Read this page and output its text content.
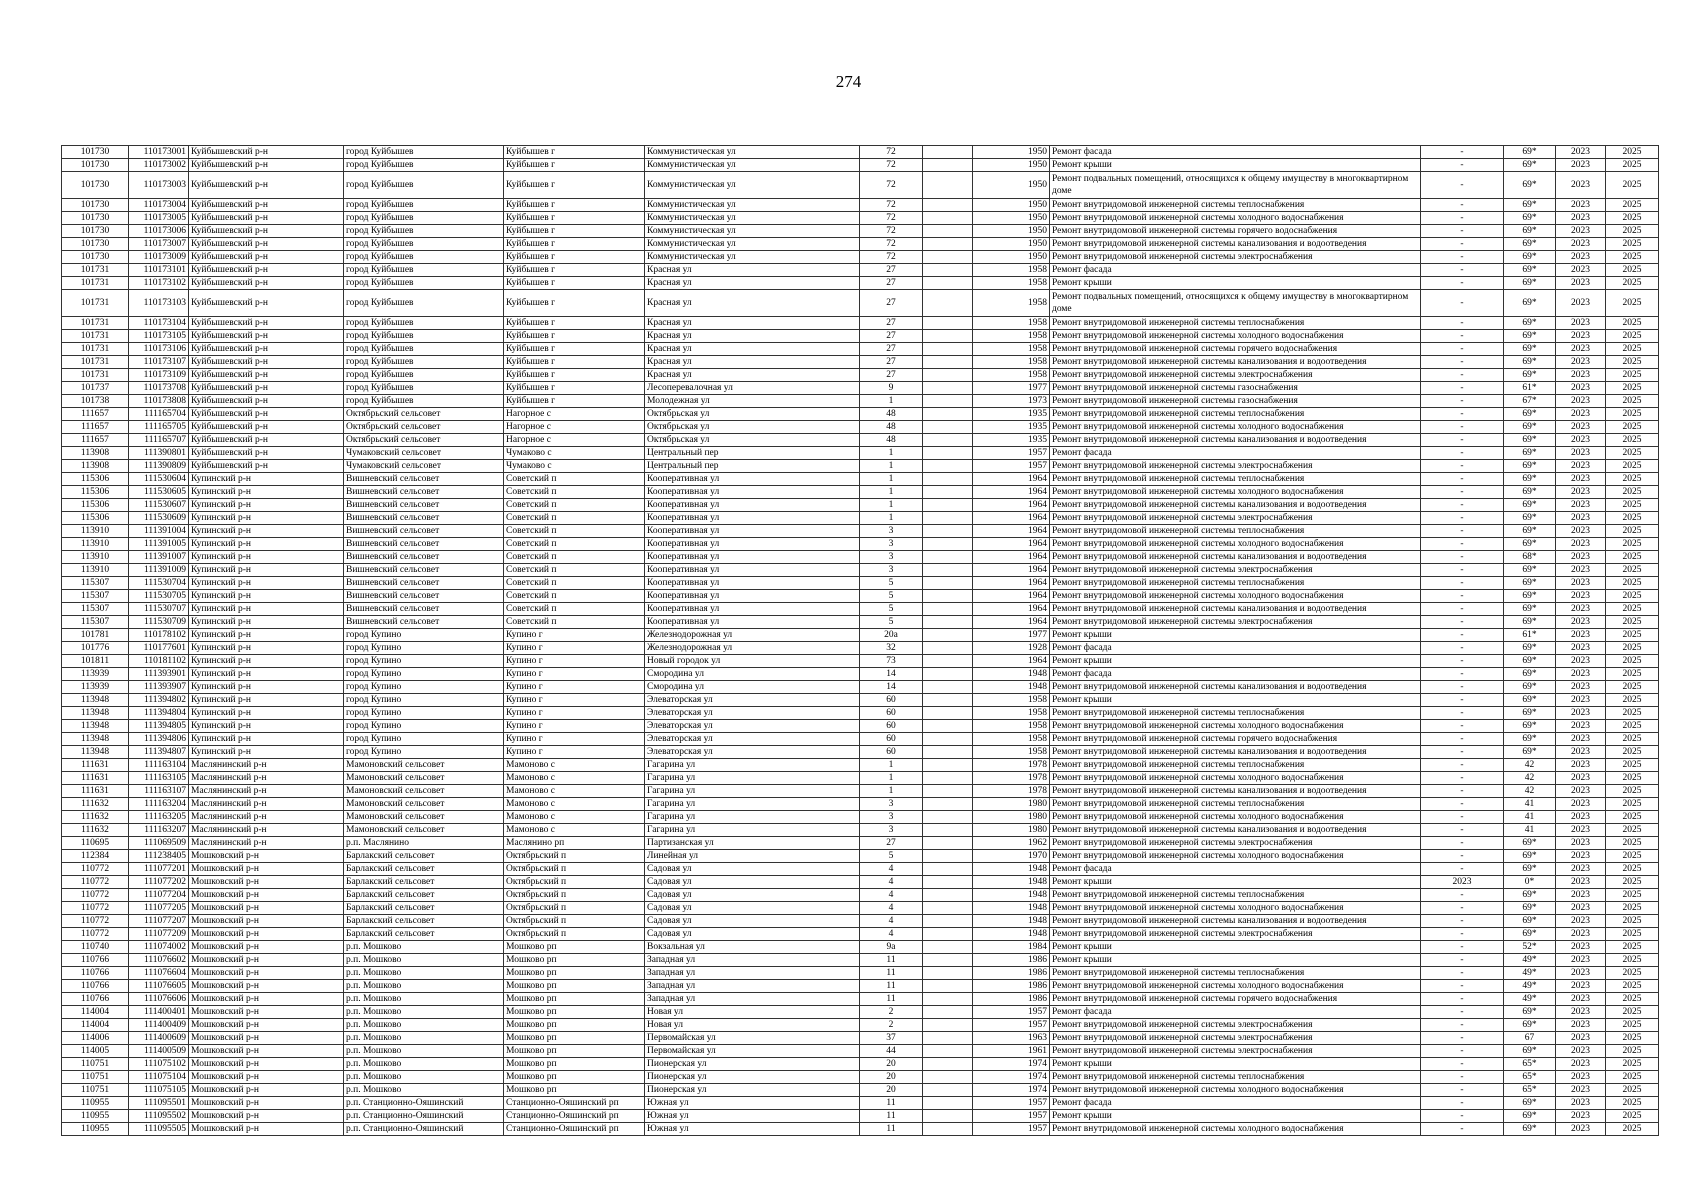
274
101730	110173001	Куйбышевский р-н	город Куйбышев	Куйбышев г	Коммунистическая ул	72		1950	Ремонт фасада	-	69*	2023	2025
101730	110173002	Куйбышевский р-н	город Куйбышев	Куйбышев г	Коммунистическая ул	72		1950	Ремонт крыши	-	69*	2023	2025
101730	110173003	Куйбышевский р-н	город Куйбышев	Куйбышев г	Коммунистическая ул	72		1950	Ремонт подвальных помещений, относящихся к общему имуществу в многоквартирном доме	-	69*	2023	2025
101730	110173004	Куйбышевский р-н	город Куйбышев	Куйбышев г	Коммунистическая ул	72		1950	Ремонт внутридомовой инженерной системы теплоснабжения	-	69*	2023	2025
101730	110173005	Куйбышевский р-н	город Куйбышев	Куйбышев г	Коммунистическая ул	72		1950	Ремонт внутридомовой инженерной системы холодного водоснабжения	-	69*	2023	2025
101730	110173006	Куйбышевский р-н	город Куйбышев	Куйбышев г	Коммунистическая ул	72		1950	Ремонт внутридомовой инженерной системы горячего водоснабжения	-	69*	2023	2025
101730	110173007	Куйбышевский р-н	город Куйбышев	Куйбышев г	Коммунистическая ул	72		1950	Ремонт внутридомовой инженерной системы канализования и водоотведения	-	69*	2023	2025
101730	110173009	Куйбышевский р-н	город Куйбышев	Куйбышев г	Коммунистическая ул	72		1950	Ремонт внутридомовой инженерной системы электроснабжения	-	69*	2023	2025
101731	110173101	Куйбышевский р-н	город Куйбышев	Куйбышев г	Красная ул	27		1958	Ремонт фасада	-	69*	2023	2025
101731	110173102	Куйбышевский р-н	город Куйбышев	Куйбышев г	Красная ул	27		1958	Ремонт крыши	-	69*	2023	2025
101731	110173103	Куйбышевский р-н	город Куйбышев	Куйбышев г	Красная ул	27		1958	Ремонт подвальных помещений, относящихся к общему имуществу в многоквартирном доме	-	69*	2023	2025
101731	110173104	Куйбышевский р-н	город Куйбышев	Куйбышев г	Красная ул	27		1958	Ремонт внутридомовой инженерной системы теплоснабжения	-	69*	2023	2025
101731	110173105	Куйбышевский р-н	город Куйбышев	Куйбышев г	Красная ул	27		1958	Ремонт внутридомовой инженерной системы холодного водоснабжения	-	69*	2023	2025
101731	110173106	Куйбышевский р-н	город Куйбышев	Куйбышев г	Красная ул	27		1958	Ремонт внутридомовой инженерной системы горячего водоснабжения	-	69*	2023	2025
101731	110173107	Куйбышевский р-н	город Куйбышев	Куйбышев г	Красная ул	27		1958	Ремонт внутридомовой инженерной системы канализования и водоотведения	-	69*	2023	2025
101731	110173109	Куйбышевский р-н	город Куйбышев	Куйбышев г	Красная ул	27		1958	Ремонт внутридомовой инженерной системы электроснабжения	-	69*	2023	2025
101737	110173708	Куйбышевский р-н	город Куйбышев	Куйбышев г	Лесоперевалочная ул	9		1977	Ремонт внутридомовой инженерной системы газоснабжения	-	61*	2023	2025
101738	110173808	Куйбышевский р-н	город Куйбышев	Куйбышев г	Молодежная ул	1		1973	Ремонт внутридомовой инженерной системы газоснабжения	-	67*	2023	2025
111657	111165704	Куйбышевский р-н	Октябрьский сельсовет	Нагорное с	Октябрьская ул	48		1935	Ремонт внутридомовой инженерной системы теплоснабжения	-	69*	2023	2025
111657	111165705	Куйбышевский р-н	Октябрьский сельсовет	Нагорное с	Октябрьская ул	48		1935	Ремонт внутридомовой инженерной системы холодного водоснабжения	-	69*	2023	2025
111657	111165707	Куйбышевский р-н	Октябрьский сельсовет	Нагорное с	Октябрьская ул	48		1935	Ремонт внутридомовой инженерной системы канализования и водоотведения	-	69*	2023	2025
113908	111390801	Куйбышевский р-н	Чумаковский сельсовет	Чумаково с	Центральный пер	1		1957	Ремонт фасада	-	69*	2023	2025
113908	111390809	Куйбышевский р-н	Чумаковский сельсовет	Чумаково с	Центральный пер	1		1957	Ремонт внутридомовой инженерной системы электроснабжения	-	69*	2023	2025
115306	111530604	Купинский р-н	Вишневский сельсовет	Советский п	Кооперативная ул	1		1964	Ремонт внутридомовой инженерной системы теплоснабжения	-	69*	2023	2025
115306	111530605	Купинский р-н	Вишневский сельсовет	Советский п	Кооперативная ул	1		1964	Ремонт внутридомовой инженерной системы холодного водоснабжения	-	69*	2023	2025
115306	111530607	Купинский р-н	Вишневский сельсовет	Советский п	Кооперативная ул	1		1964	Ремонт внутридомовой инженерной системы канализования и водоотведения	-	69*	2023	2025
115306	111530609	Купинский р-н	Вишневский сельсовет	Советский п	Кооперативная ул	1		1964	Ремонт внутридомовой инженерной системы электроснабжения	-	69*	2023	2025
113910	111391004	Купинский р-н	Вишневский сельсовет	Советский п	Кооперативная ул	3		1964	Ремонт внутридомовой инженерной системы теплоснабжения	-	69*	2023	2025
113910	111391005	Купинский р-н	Вишневский сельсовет	Советский п	Кооперативная ул	3		1964	Ремонт внутридомовой инженерной системы холодного водоснабжения	-	69*	2023	2025
113910	111391007	Купинский р-н	Вишневский сельсовет	Советский п	Кооперативная ул	3		1964	Ремонт внутридомовой инженерной системы канализования и водоотведения	-	68*	2023	2025
113910	111391009	Купинский р-н	Вишневский сельсовет	Советский п	Кооперативная ул	3		1964	Ремонт внутридомовой инженерной системы электроснабжения	-	69*	2023	2025
115307	111530704	Купинский р-н	Вишневский сельсовет	Советский п	Кооперативная ул	5		1964	Ремонт внутридомовой инженерной системы теплоснабжения	-	69*	2023	2025
115307	111530705	Купинский р-н	Вишневский сельсовет	Советский п	Кооперативная ул	5		1964	Ремонт внутридомовой инженерной системы холодного водоснабжения	-	69*	2023	2025
115307	111530707	Купинский р-н	Вишневский сельсовет	Советский п	Кооперативная ул	5		1964	Ремонт внутридомовой инженерной системы канализования и водоотведения	-	69*	2023	2025
115307	111530709	Купинский р-н	Вишневский сельсовет	Советский п	Кооперативная ул	5		1964	Ремонт внутридомовой инженерной системы электроснабжения	-	69*	2023	2025
101781	110178102	Купинский р-н	город Купино	Купино г	Железнодорожная ул	20а		1977	Ремонт крыши	-	61*	2023	2025
101776	110177601	Купинский р-н	город Купино	Купино г	Железнодорожная ул	32		1928	Ремонт фасада	-	69*	2023	2025
101811	110181102	Купинский р-н	город Купино	Купино г	Новый городок ул	73		1964	Ремонт крыши	-	69*	2023	2025
113939	111393901	Купинский р-н	город Купино	Купино г	Смородина ул	14		1948	Ремонт фасада	-	69*	2023	2025
113939	111393907	Купинский р-н	город Купино	Купино г	Смородина ул	14		1948	Ремонт внутридомовой инженерной системы канализования и водоотведения	-	69*	2023	2025
113948	111394802	Купинский р-н	город Купино	Купино г	Элеваторская ул	60		1958	Ремонт крыши	-	69*	2023	2025
113948	111394804	Купинский р-н	город Купино	Купино г	Элеваторская ул	60		1958	Ремонт внутридомовой инженерной системы теплоснабжения	-	69*	2023	2025
113948	111394805	Купинский р-н	город Купино	Купино г	Элеваторская ул	60		1958	Ремонт внутридомовой инженерной системы холодного водоснабжения	-	69*	2023	2025
113948	111394806	Купинский р-н	город Купино	Купино г	Элеваторская ул	60		1958	Ремонт внутридомовой инженерной системы горячего водоснабжения	-	69*	2023	2025
113948	111394807	Купинский р-н	город Купино	Купино г	Элеваторская ул	60		1958	Ремонт внутридомовой инженерной системы канализования и водоотведения	-	69*	2023	2025
111631	111163104	Маслянинский р-н	Мамоновский сельсовет	Мамоново с	Гагарина ул	1		1978	Ремонт внутридомовой инженерной системы теплоснабжения	-	42	2023	2025
111631	111163105	Маслянинский р-н	Мамоновский сельсовет	Мамоново с	Гагарина ул	1		1978	Ремонт внутридомовой инженерной системы холодного водоснабжения	-	42	2023	2025
111631	111163107	Маслянинский р-н	Мамоновский сельсовет	Мамоново с	Гагарина ул	1		1978	Ремонт внутридомовой инженерной системы канализования и водоотведения	-	42	2023	2025
111632	111163204	Маслянинский р-н	Мамоновский сельсовет	Мамоново с	Гагарина ул	3		1980	Ремонт внутридомовой инженерной системы теплоснабжения	-	41	2023	2025
111632	111163205	Маслянинский р-н	Мамоновский сельсовет	Мамоново с	Гагарина ул	3		1980	Ремонт внутридомовой инженерной системы холодного водоснабжения	-	41	2023	2025
111632	111163207	Маслянинский р-н	Мамоновский сельсовет	Мамоново с	Гагарина ул	3		1980	Ремонт внутридомовой инженерной системы канализования и водоотведения	-	41	2023	2025
110695	111069509	Маслянинский р-н	р.п. Маслянино	Маслянино рп	Партизанская ул	27		1962	Ремонт внутридомовой инженерной системы электроснабжения	-	69*	2023	2025
112384	111238405	Мошковский р-н	Барлакский сельсовет	Октябрьский п	Линейная ул	5		1970	Ремонт внутридомовой инженерной системы холодного водоснабжения	-	69*	2023	2025
110772	111077201	Мошковский р-н	Барлакский сельсовет	Октябрьский п	Садовая ул	4		1948	Ремонт фасада	-	69*	2023	2025
110772	111077202	Мошковский р-н	Барлакский сельсовет	Октябрьский п	Садовая ул	4		1948	Ремонт крыши	2023	0*	2023	2025
110772	111077204	Мошковский р-н	Барлакский сельсовет	Октябрьский п	Садовая ул	4		1948	Ремонт внутридомовой инженерной системы теплоснабжения	-	69*	2023	2025
110772	111077205	Мошковский р-н	Барлакский сельсовет	Октябрьский п	Садовая ул	4		1948	Ремонт внутридомовой инженерной системы холодного водоснабжения	-	69*	2023	2025
110772	111077207	Мошковский р-н	Барлакский сельсовет	Октябрьский п	Садовая ул	4		1948	Ремонт внутридомовой инженерной системы канализования и водоотведения	-	69*	2023	2025
110772	111077209	Мошковский р-н	Барлакский сельсовет	Октябрьский п	Садовая ул	4		1948	Ремонт внутридомовой инженерной системы электроснабжения	-	69*	2023	2025
110740	111074002	Мошковский р-н	р.п. Мошково	Мошково рп	Вокзальная ул	9а		1984	Ремонт крыши	-	52*	2023	2025
110766	111076602	Мошковский р-н	р.п. Мошково	Мошково рп	Западная ул	11		1986	Ремонт крыши	-	49*	2023	2025
110766	111076604	Мошковский р-н	р.п. Мошково	Мошково рп	Западная ул	11		1986	Ремонт внутридомовой инженерной системы теплоснабжения	-	49*	2023	2025
110766	111076605	Мошковский р-н	р.п. Мошково	Мошково рп	Западная ул	11		1986	Ремонт внутридомовой инженерной системы холодного водоснабжения	-	49*	2023	2025
110766	111076606	Мошковский р-н	р.п. Мошково	Мошково рп	Западная ул	11		1986	Ремонт внутридомовой инженерной системы горячего водоснабжения	-	49*	2023	2025
114004	111400401	Мошковский р-н	р.п. Мошково	Мошково рп	Новая ул	2		1957	Ремонт фасада	-	69*	2023	2025
114004	111400409	Мошковский р-н	р.п. Мошково	Мошково рп	Новая ул	2		1957	Ремонт внутридомовой инженерной системы электроснабжения	-	69*	2023	2025
114006	111400609	Мошковский р-н	р.п. Мошково	Мошково рп	Первомайская ул	37		1963	Ремонт внутридомовой инженерной системы электроснабжения	-	67	2023	2025
114005	111400509	Мошковский р-н	р.п. Мошково	Мошково рп	Первомайская ул	44		1961	Ремонт внутридомовой инженерной системы электроснабжения	-	69*	2023	2025
110751	111075102	Мошковский р-н	р.п. Мошково	Мошково рп	Пионерская ул	20		1974	Ремонт крыши	-	65*	2023	2025
110751	111075104	Мошковский р-н	р.п. Мошково	Мошково рп	Пионерская ул	20		1974	Ремонт внутридомовой инженерной системы теплоснабжения	-	65*	2023	2025
110751	111075105	Мошковский р-н	р.п. Мошково	Мошково рп	Пионерская ул	20		1974	Ремонт внутридомовой инженерной системы холодного водоснабжения	-	65*	2023	2025
110955	111095501	Мошковский р-н	р.п. Станционно-Ояшинский	Станционно-Ояшинский рп	Южная ул	11		1957	Ремонт фасада	-	69*	2023	2025
110955	111095502	Мошковский р-н	р.п. Станционно-Ояшинский	Станционно-Ояшинский рп	Южная ул	11		1957	Ремонт крыши	-	69*	2023	2025
110955	111095505	Мошковский р-н	р.п. Станционно-Ояшинский	Станционно-Ояшинский рп	Южная ул	11		1957	Ремонт внутридомовой инженерной системы холодного водоснабжения	-	69*	2023	2025
